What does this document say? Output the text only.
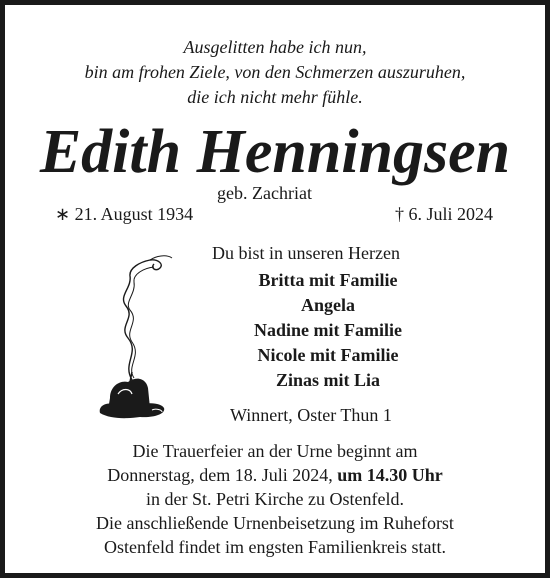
Ausgelitten habe ich nun,
bin am frohen Ziele, von den Schmerzen auszuruhen,
die ich nicht mehr fühle.
Edith Henningsen
geb. Zachriat
∗ 21. August 1934	† 6. Juli 2024
Du bist in unseren Herzen
Britta mit Familie
Angela
Nadine mit Familie
Nicole mit Familie
Zinas mit Lia
Winnert, Oster Thun 1
Die Trauerfeier an der Urne beginnt am
Donnerstag, dem 18. Juli 2024, um 14.30 Uhr
in der St. Petri Kirche zu Ostenfeld.
Die anschließende Urnenbeisetzung im Ruheforst
Ostenfeld findet im engsten Familienkreis statt.
